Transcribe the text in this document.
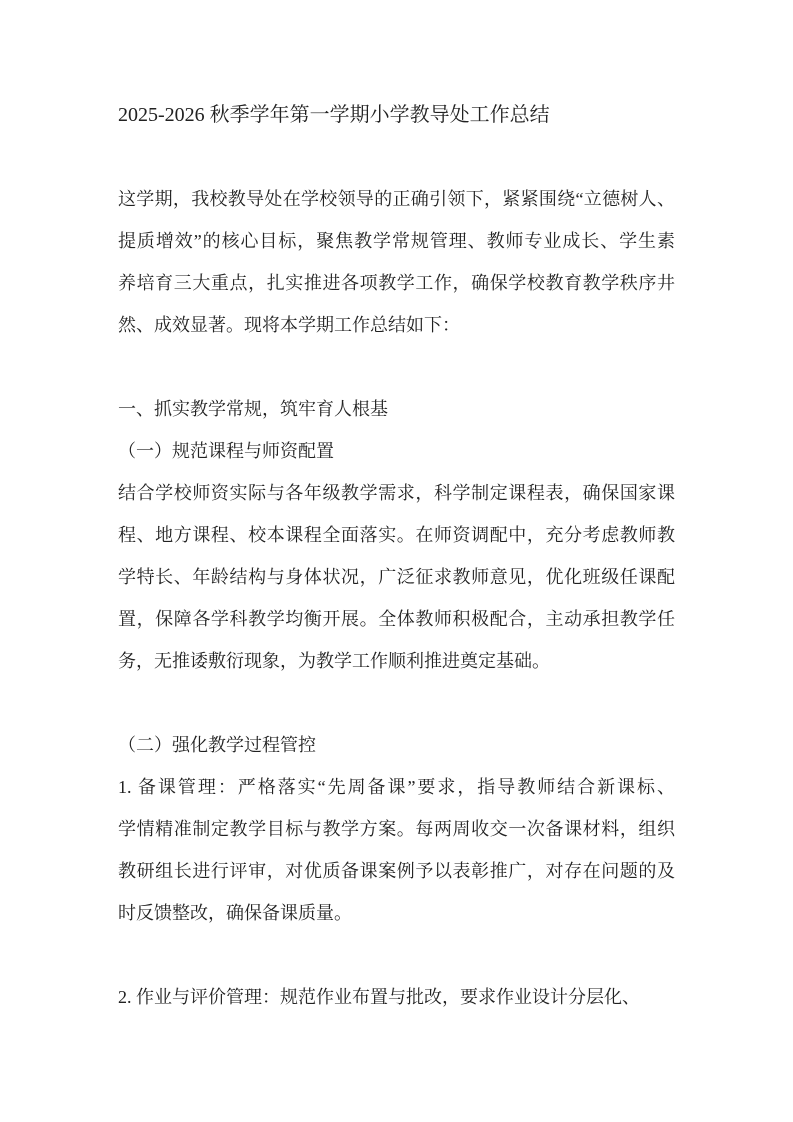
2025-2026 秋季学年第一学期小学教导处工作总结
这学期，我校教导处在学校领导的正确引领下，紧紧围绕“立德树人、
提质增效”的核心目标，聚焦教学常规管理、教师专业成长、学生素
养培育三大重点，扎实推进各项教学工作，确保学校教育教学秩序井
然、成效显著。现将本学期工作总结如下：
一、抓实教学常规，筑牢育人根基
（一）规范课程与师资配置
结合学校师资实际与各年级教学需求，科学制定课程表，确保国家课
程、地方课程、校本课程全面落实。在师资调配中，充分考虑教师教
学特长、年龄结构与身体状况，广泛征求教师意见，优化班级任课配
置，保障各学科教学均衡开展。全体教师积极配合，主动承担教学任
务，无推诿敷衍现象，为教学工作顺利推进奠定基础。
（二）强化教学过程管控
1. 备课管理：严格落实“先周备课”要求，指导教师结合新课标、
学情精准制定教学目标与教学方案。每两周收交一次备课材料，组织
教研组长进行评审，对优质备课案例予以表彰推广，对存在问题的及
时反馈整改，确保备课质量。
2. 作业与评价管理：规范作业布置与批改，要求作业设计分层化、
